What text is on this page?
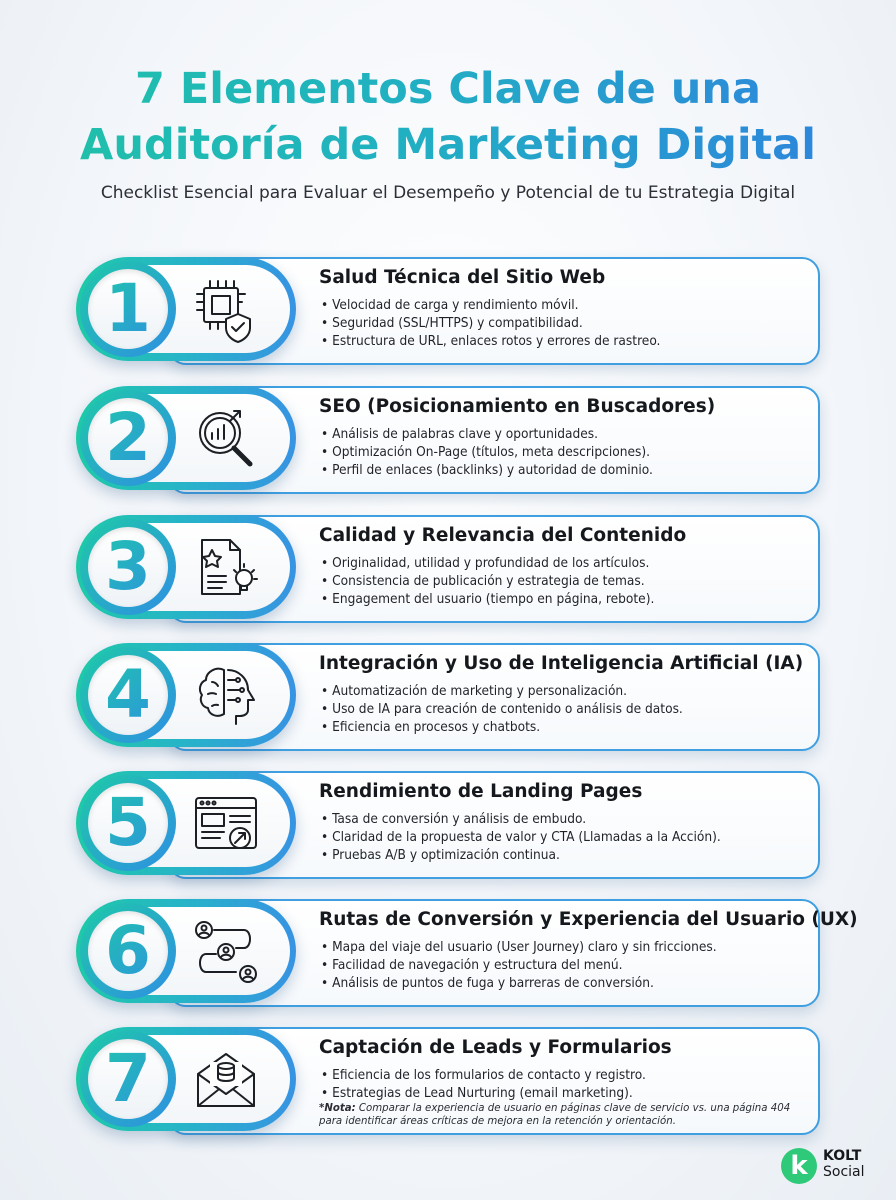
7 Elementos Clave de una
Auditoría de Marketing Digital
Checklist Esencial para Evaluar el Desempeño y Potencial de tu Estrategia Digital
1	Salud Técnica del Sitio Web
• Velocidad de carga y rendimiento móvil.
• Seguridad (SSL/HTTPS) y compatibilidad.
• Estructura de URL, enlaces rotos y errores de rastreo.
2	SEO (Posicionamiento en Buscadores)
• Análisis de palabras clave y oportunidades.
• Optimización On-Page (títulos, meta descripciones).
• Perfil de enlaces (backlinks) y autoridad de dominio.
3	Calidad y Relevancia del Contenido
• Originalidad, utilidad y profundidad de los artículos.
• Consistencia de publicación y estrategia de temas.
• Engagement del usuario (tiempo en página, rebote).
4	Integración y Uso de Inteligencia Artificial (IA)
• Automatización de marketing y personalización.
• Uso de IA para creación de contenido o análisis de datos.
• Eficiencia en procesos y chatbots.
5	Rendimiento de Landing Pages
• Tasa de conversión y análisis de embudo.
• Claridad de la propuesta de valor y CTA (Llamadas a la Acción).
• Pruebas A/B y optimización continua.
6	Rutas de Conversión y Experiencia del Usuario (UX)
• Mapa del viaje del usuario (User Journey) claro y sin fricciones.
• Facilidad de navegación y estructura del menú.
• Análisis de puntos de fuga y barreras de conversión.
7	Captación de Leads y Formularios
• Eficiencia de los formularios de contacto y registro.
• Estrategias de Lead Nurturing (email marketing).
*Nota: Comparar la experiencia de usuario en páginas clave de servicio vs. una página 404 para identificar áreas críticas de mejora en la retención y orientación.
k	KOLT
Social
